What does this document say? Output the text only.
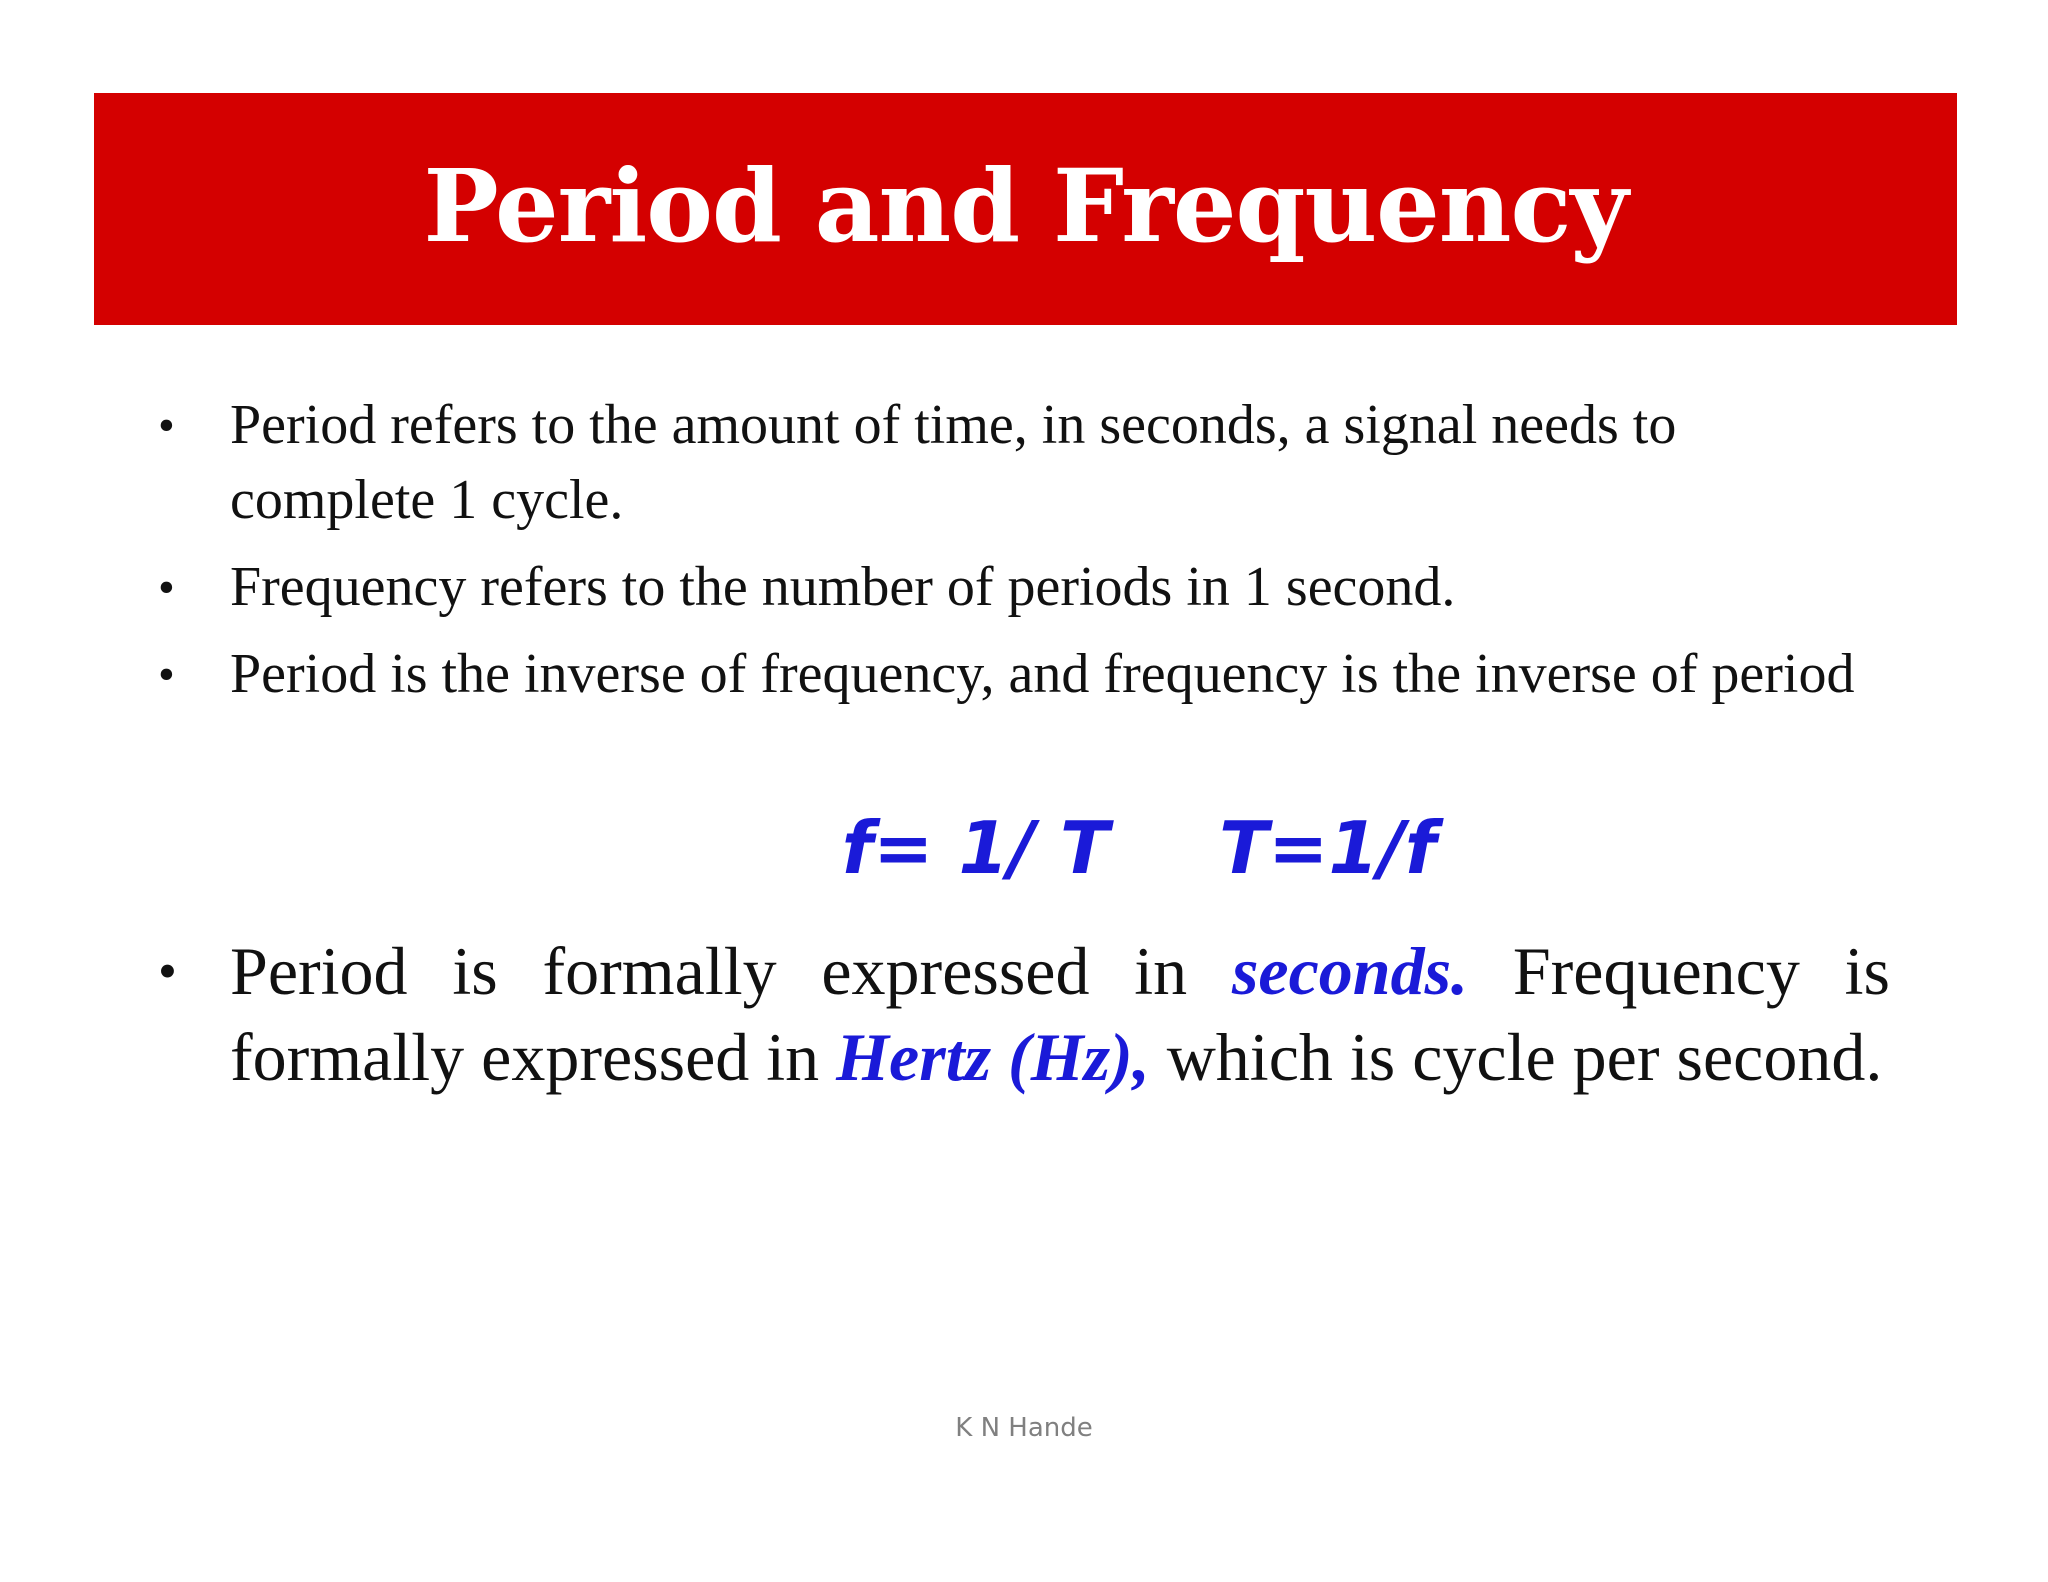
Period and Frequency
• Period refers to the amount of time, in seconds, a signal needs to complete 1 cycle.
• Frequency refers to the number of periods in 1 second.
• Period is the inverse of frequency, and frequency is the inverse of period
f= 1/ T T=1/f
• Period is formally expressed in seconds. Frequency is formally expressed in Hertz (Hz), which is cycle per second.
K N Hande
